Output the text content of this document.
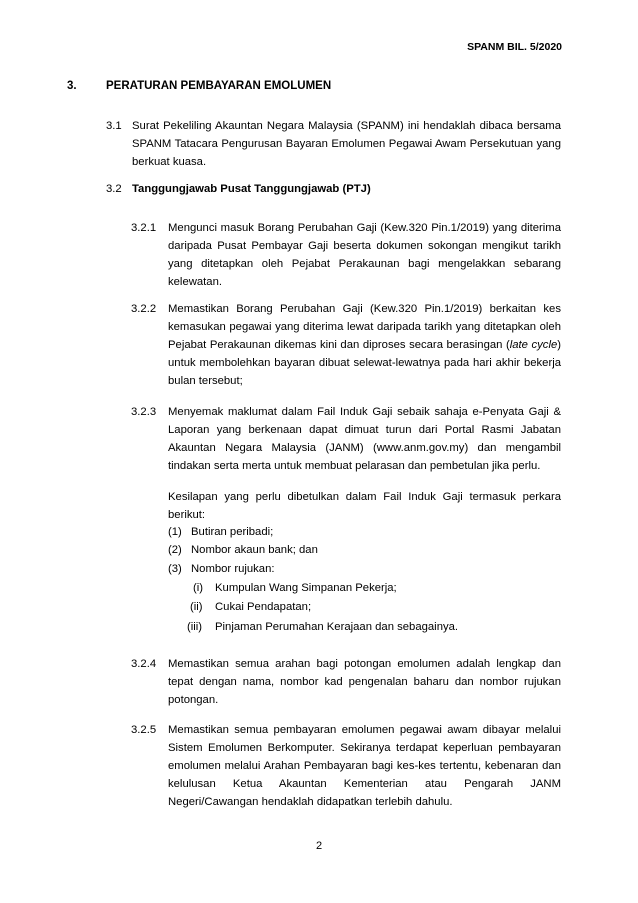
SPANM BIL. 5/2020
3.	PERATURAN PEMBAYARAN EMOLUMEN
3.1 Surat Pekeliling Akauntan Negara Malaysia (SPANM) ini hendaklah dibaca bersama SPANM Tatacara Pengurusan Bayaran Emolumen Pegawai Awam Persekutuan yang berkuat kuasa.
3.2 Tanggungjawab Pusat Tanggungjawab (PTJ)
3.2.1 Mengunci masuk Borang Perubahan Gaji (Kew.320 Pin.1/2019) yang diterima daripada Pusat Pembayar Gaji beserta dokumen sokongan mengikut tarikh yang ditetapkan oleh Pejabat Perakaunan bagi mengelakkan sebarang kelewatan.
3.2.2 Memastikan Borang Perubahan Gaji (Kew.320 Pin.1/2019) berkaitan kes kemasukan pegawai yang diterima lewat daripada tarikh yang ditetapkan oleh Pejabat Perakaunan dikemas kini dan diproses secara berasingan (late cycle) untuk membolehkan bayaran dibuat selewat-lewatnya pada hari akhir bekerja bulan tersebut;
3.2.3 Menyemak maklumat dalam Fail Induk Gaji sebaik sahaja e-Penyata Gaji & Laporan yang berkenaan dapat dimuat turun dari Portal Rasmi Jabatan Akauntan Negara Malaysia (JANM) (www.anm.gov.my) dan mengambil tindakan serta merta untuk membuat pelarasan dan pembetulan jika perlu.
Kesilapan yang perlu dibetulkan dalam Fail Induk Gaji termasuk perkara berikut:
(1) Butiran peribadi;
(2) Nombor akaun bank; dan
(3) Nombor rujukan:
(i) Kumpulan Wang Simpanan Pekerja;
(ii) Cukai Pendapatan;
(iii) Pinjaman Perumahan Kerajaan dan sebagainya.
3.2.4 Memastikan semua arahan bagi potongan emolumen adalah lengkap dan tepat dengan nama, nombor kad pengenalan baharu dan nombor rujukan potongan.
3.2.5 Memastikan semua pembayaran emolumen pegawai awam dibayar melalui Sistem Emolumen Berkomputer. Sekiranya terdapat keperluan pembayaran emolumen melalui Arahan Pembayaran bagi kes-kes tertentu, kebenaran dan kelulusan Ketua Akauntan Kementerian atau Pengarah JANM Negeri/Cawangan hendaklah didapatkan terlebih dahulu.
2
